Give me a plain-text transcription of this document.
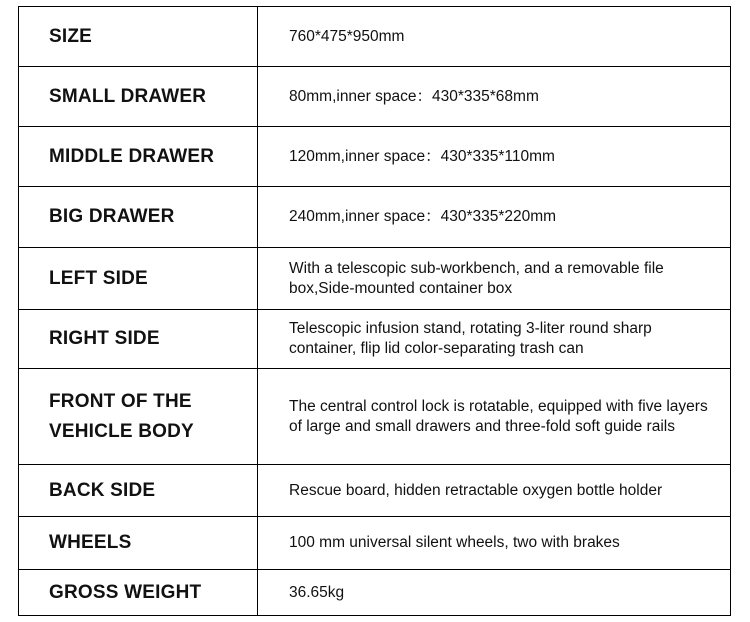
SIZE	760*475*950mm
SMALL DRAWER	80mm,inner space：430*335*68mm
MIDDLE DRAWER	120mm,inner space：430*335*110mm
BIG DRAWER	240mm,inner space：430*335*220mm
LEFT SIDE	With a telescopic sub-workbench, and a removable file box,Side-mounted container box
RIGHT SIDE	Telescopic infusion stand, rotating 3-liter round sharp container, flip lid color-separating trash can
FRONT OF THE VEHICLE BODY	The central control lock is rotatable, equipped with five layers of large and small drawers and three-fold soft guide rails
BACK SIDE	Rescue board, hidden retractable oxygen bottle holder
WHEELS	100 mm universal silent wheels, two with brakes
GROSS WEIGHT	36.65kg
